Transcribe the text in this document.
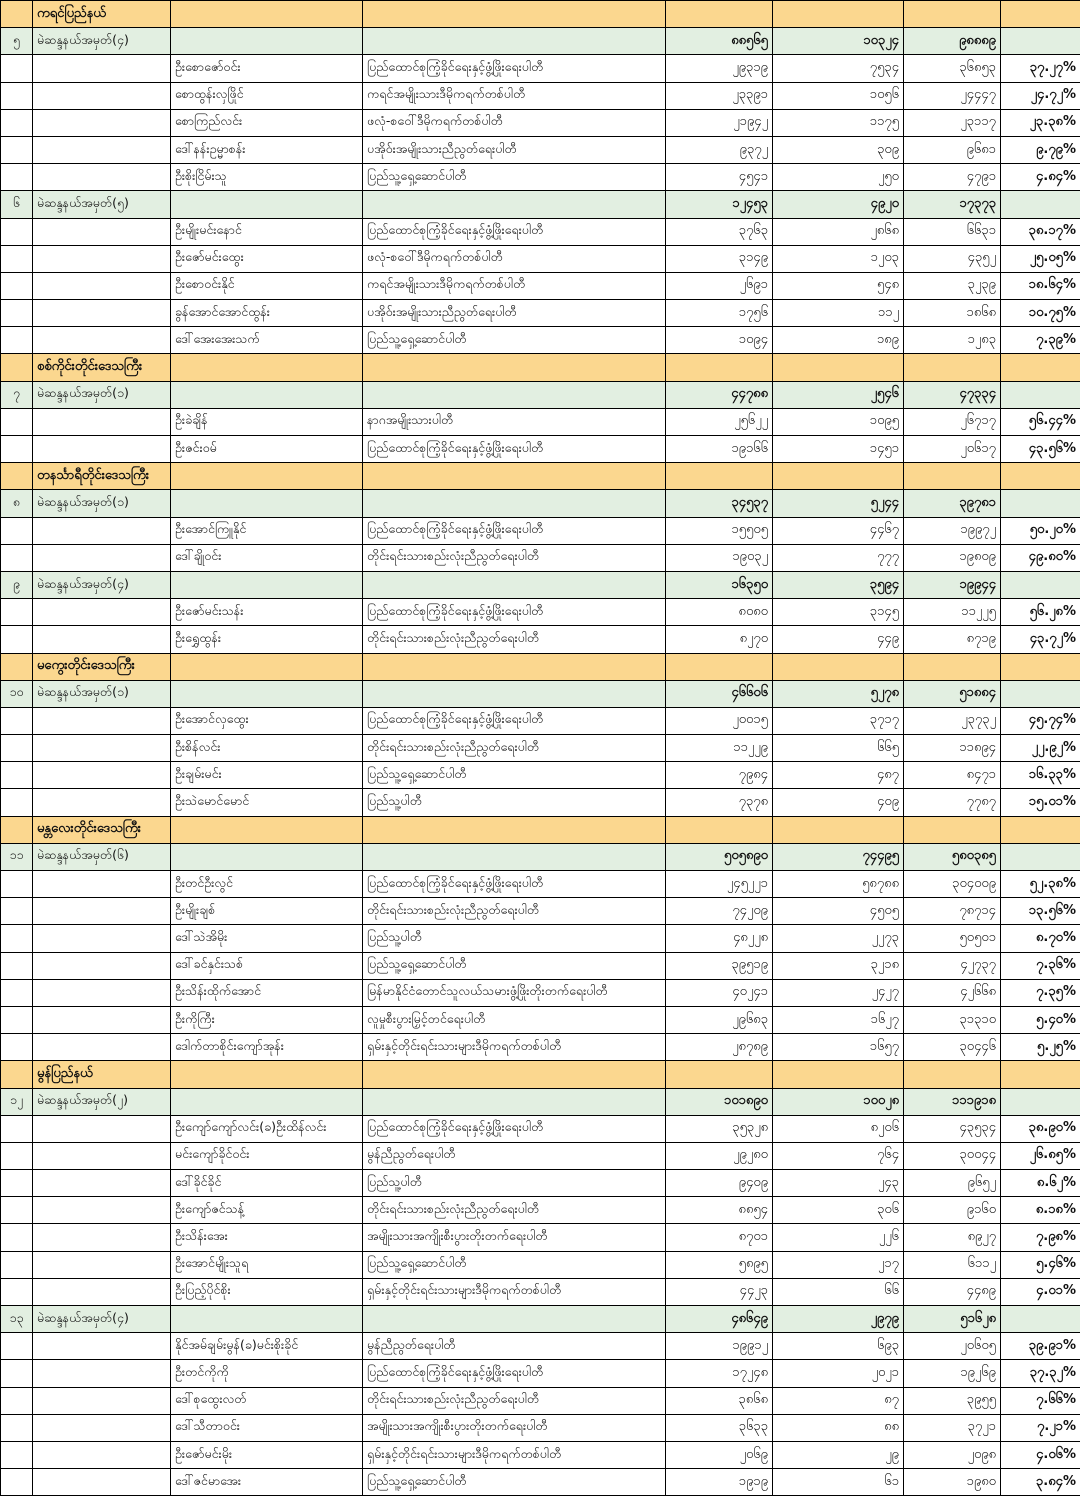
	ကရင်ပြည်နယ်						
၅	မဲဆန္ဒနယ်အမှတ်(၄)			၈၈၅၆၅	၁၀၃၂၄	၉၈၈၈၉	
		ဦးစောဇော်ဝင်း	ပြည်ထောင်စုကြံ့ခိုင်ရေးနှင့်ဖွံ့ဖြိုးရေးပါတီ	၂၉၃၁၉	၇၅၃၄	၃၆၈၅၃	၃၇.၂၇%
		စောထွန်းလှဖြိုင်	ကရင်အမျိုးသားဒီမိုကရက်တစ်ပါတီ	၂၃၃၉၁	၁၀၅၆	၂၄၄၄၇	၂၄.၇၂%
		စောကြည်လင်း	ဖလုံ-စဝေါ်ဒီမိုကရက်တစ်ပါတီ	၂၁၉၄၂	၁၁၇၅	၂၃၁၁၇	၂၃.၃၈%
		ဒေါ်နန်းဥမ္မာစန်း	ပအိုဝ်းအမျိုးသားညီညွတ်ရေးပါတီ	၉၃၇၂	၃၀၉	၉၆၈၁	၉.၇၉%
		ဦးစိုးငြိမ်းသူ	ပြည်သူ့ရှေ့ဆောင်ပါတီ	၄၅၄၁	၂၅၀	၄၇၉၁	၄.၈၄%
၆	မဲဆန္ဒနယ်အမှတ်(၅)			၁၂၄၅၃	၄၉၂၀	၁၇၃၇၃	
		ဦးမျိုးမင်းနောင်	ပြည်ထောင်စုကြံ့ခိုင်ရေးနှင့်ဖွံ့ဖြိုးရေးပါတီ	၃၇၆၃	၂၈၆၈	၆၆၃၁	၃၈.၁၇%
		ဦးဇော်မင်းထွေး	ဖလုံ-စဝေါ်ဒီမိုကရက်တစ်ပါတီ	၃၁၄၉	၁၂၀၃	၄၃၅၂	၂၅.၀၅%
		ဦးစောဝင်းနိုင်	ကရင်အမျိုးသားဒီမိုကရက်တစ်ပါတီ	၂၆၉၁	၅၄၈	၃၂၃၉	၁၈.၆၄%
		ခွန်အောင်အောင်ထွန်း	ပအိုဝ်းအမျိုးသားညီညွတ်ရေးပါတီ	၁၇၅၆	၁၁၂	၁၈၆၈	၁၀.၇၅%
		ဒေါ်အေးအေးသက်	ပြည်သူ့ရှေ့ဆောင်ပါတီ	၁၀၉၄	၁၈၉	၁၂၈၃	၇.၃၉%
	စစ်ကိုင်းတိုင်းဒေသကြီး						
၇	မဲဆန္ဒနယ်အမှတ်(၁)			၄၄၇၈၈	၂၅၄၆	၄၇၃၃၄	
		ဦးခဲချိန်	နာဂအမျိုးသားပါတီ	၂၅၆၂၂	၁၀၉၅	၂၆၇၁၇	၅၆.၄၄%
		ဦးဇင်းဝမ်	ပြည်ထောင်စုကြံ့ခိုင်ရေးနှင့်ဖွံ့ဖြိုးရေးပါတီ	၁၉၁၆၆	၁၄၅၁	၂၀၆၁၇	၄၃.၅၆%
	တနင်္သာရီတိုင်းဒေသကြီး						
၈	မဲဆန္ဒနယ်အမှတ်(၁)			၃၄၅၃၇	၅၂၄၄	၃၉၇၈၁	
		ဦးအောင်ကြူနိုင်	ပြည်ထောင်စုကြံ့ခိုင်ရေးနှင့်ဖွံ့ဖြိုးရေးပါတီ	၁၅၅၀၅	၄၄၆၇	၁၉၉၇၂	၅၀.၂၀%
		ဒေါ်ချိုဝင်း	တိုင်းရင်းသားစည်းလုံးညီညွတ်ရေးပါတီ	၁၉၀၃၂	၇၇၇	၁၉၈၀၉	၄၉.၈၀%
၉	မဲဆန္ဒနယ်အမှတ်(၄)			၁၆၃၅၀	၃၅၉၄	၁၉၉၄၄	
		ဦးဇော်မင်းသန်း	ပြည်ထောင်စုကြံ့ခိုင်ရေးနှင့်ဖွံ့ဖြိုးရေးပါတီ	၈၀၈၀	၃၁၄၅	၁၁၂၂၅	၅၆.၂၈%
		ဦးရွှေထွန်း	တိုင်းရင်းသားစည်းလုံးညီညွတ်ရေးပါတီ	၈၂၇၀	၄၄၉	၈၇၁၉	၄၃.၇၂%
	မကွေးတိုင်းဒေသကြီး						
၁၀	မဲဆန္ဒနယ်အမှတ်(၁)			၄၆၆၀၆	၅၂၇၈	၅၁၈၈၄	
		ဦးအောင်လှထွေး	ပြည်ထောင်စုကြံ့ခိုင်ရေးနှင့်ဖွံ့ဖြိုးရေးပါတီ	၂၀၀၁၅	၃၇၁၇	၂၃၇၃၂	၄၅.၇၄%
		ဦးစိန်လင်း	တိုင်းရင်းသားစည်းလုံးညီညွတ်ရေးပါတီ	၁၁၂၂၉	၆၆၅	၁၁၈၉၄	၂၂.၉၂%
		ဦးချမ်းမင်း	ပြည်သူ့ရှေ့ဆောင်ပါတီ	၇၉၈၄	၄၈၇	၈၄၇၁	၁၆.၃၃%
		ဦးသဲမောင်မောင်	ပြည်သူ့ပါတီ	၇၃၇၈	၄၀၉	၇၇၈၇	၁၅.၀၁%
	မန္တလေးတိုင်းဒေသကြီး						
၁၁	မဲဆန္ဒနယ်အမှတ်(၆)			၅၀၅၈၉၀	၇၄၄၉၅	၅၈၀၃၈၅	
		ဦးတင်ဦးလွင်	ပြည်ထောင်စုကြံ့ခိုင်ရေးနှင့်ဖွံ့ဖြိုးရေးပါတီ	၂၄၅၂၂၁	၅၈၇၈၈	၃၀၄၀၀၉	၅၂.၃၈%
		ဦးမျိုးချစ်	တိုင်းရင်းသားစည်းလုံးညီညွတ်ရေးပါတီ	၇၄၂၀၉	၄၅၀၅	၇၈၇၁၄	၁၃.၅၆%
		ဒေါ်သဲအိမိုး	ပြည်သူ့ပါတီ	၄၈၂၂၈	၂၂၇၃	၅၀၅၀၁	၈.၇၀%
		ဒေါ်ခင်နှင်းသစ်	ပြည်သူ့ရှေ့ဆောင်ပါတီ	၃၉၅၁၉	၃၂၁၈	၄၂၇၃၇	၇.၃၆%
		ဦးသိန်းထိုက်အောင်	မြန်မာနိုင်ငံတောင်သူလယ်သမားဖွံ့ဖြိုးတိုးတက်ရေးပါတီ	၄၀၂၄၁	၂၄၂၇	၄၂၆၆၈	၇.၃၅%
		ဦးကိုကြီး	လူမှုစီးပွားမြှင့်တင်ရေးပါတီ	၂၉၆၈၃	၁၆၂၇	၃၁၃၁၀	၅.၄၀%
		ဒေါက်တာစိုင်းကျော်အုန်း	ရှမ်းနှင့်တိုင်းရင်းသားများဒီမိုကရက်တစ်ပါတီ	၂၈၇၈၉	၁၆၅၇	၃၀၄၄၆	၅.၂၅%
	မွန်ပြည်နယ်						
၁၂	မဲဆန္ဒနယ်အမှတ်(၂)			၁၀၁၈၉၀	၁၀၀၂၈	၁၁၁၉၁၈	
		ဦးကျော်ကျော်လင်း(ခ)ဦးထိန်လင်း	ပြည်ထောင်စုကြံ့ခိုင်ရေးနှင့်ဖွံ့ဖြိုးရေးပါတီ	၃၅၃၂၈	၈၂၀၆	၄၃၅၃၄	၃၈.၉၀%
		မင်းကျော်ခိုင်ဝင်း	မွန်ညီညွတ်ရေးပါတီ	၂၉၂၈၀	၇၆၄	၃၀၀၄၄	၂၆.၈၅%
		ဒေါ်ခိုင်ခိုင်	ပြည်သူ့ပါတီ	၉၄၀၉	၂၄၃	၉၆၅၂	၈.၆၂%
		ဦးကျော်ဇင်သန့်	တိုင်းရင်းသားစည်းလုံးညီညွတ်ရေးပါတီ	၈၈၅၄	၃၀၆	၉၁၆၀	၈.၁၈%
		ဦးသိန်းအေး	အမျိုးသားအကျိုးစီးပွားတိုးတက်ရေးပါတီ	၈၇၀၁	၂၂၆	၈၉၂၇	၇.၉၈%
		ဦးအောင်မျိုးသူရ	ပြည်သူ့ရှေ့ဆောင်ပါတီ	၅၈၉၅	၂၁၇	၆၁၁၂	၅.၄၆%
		ဦးပြည့်ပိုင်စိုး	ရှမ်းနှင့်တိုင်းရင်းသားများဒီမိုကရက်တစ်ပါတီ	၄၄၂၃	၆၆	၄၄၈၉	၄.၀၁%
၁၃	မဲဆန္ဒနယ်အမှတ်(၄)			၄၈၆၄၉	၂၉၇၉	၅၁၆၂၈	
		နိုင်အမ်ချမ်းမွန်(ခ)မင်းစိုးခိုင်	မွန်ညီညွတ်ရေးပါတီ	၁၉၉၁၂	၆၉၃	၂၀၆၀၅	၃၉.၉၁%
		ဦးတင်ကိုကို	ပြည်ထောင်စုကြံ့ခိုင်ရေးနှင့်ဖွံ့ဖြိုးရေးပါတီ	၁၇၂၄၈	၂၀၂၁	၁၉၂၆၉	၃၇.၃၂%
		ဒေါ်စုထွေးလတ်	တိုင်းရင်းသားစည်းလုံးညီညွတ်ရေးပါတီ	၃၈၆၈	၈၇	၃၉၅၅	၇.၆၆%
		ဒေါ်သီတာဝင်း	အမျိုးသားအကျိုးစီးပွားတိုးတက်ရေးပါတီ	၃၆၃၃	၈၈	၃၇၂၁	၇.၂၁%
		ဦးဇော်မင်းမိုး	ရှမ်းနှင့်တိုင်းရင်းသားများဒီမိုကရက်တစ်ပါတီ	၂၀၆၉	၂၉	၂၀၉၈	၄.၀၆%
		ဒေါ်ဇင်မာအေး	ပြည်သူ့ရှေ့ဆောင်ပါတီ	၁၉၁၉	၆၁	၁၉၈၀	၃.၈၄%
